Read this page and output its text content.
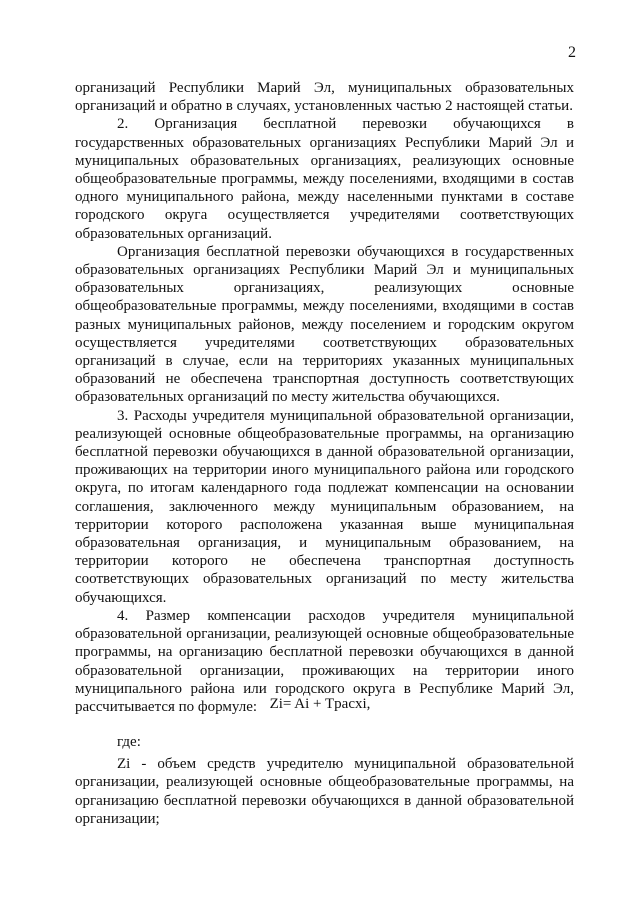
2

организаций Республики Марий Эл, муниципальных образовательных организаций и обратно в случаях, установленных частью 2 настоящей статьи.

2. Организация бесплатной перевозки обучающихся в государственных образовательных организациях Республики Марий Эл и муниципальных образовательных организациях, реализующих основные общеобразовательные программы, между поселениями, входящими в состав одного муниципального района, между населенными пунктами в составе городского округа осуществляется учредителями соответствующих образовательных организаций.

Организация бесплатной перевозки обучающихся в государственных образовательных организациях Республики Марий Эл и муниципальных образовательных организациях, реализующих основные общеобразовательные программы, между поселениями, входящими в состав разных муниципальных районов, между поселением и городским округом осуществляется учредителями соответствующих образовательных организаций в случае, если на территориях указанных муниципальных образований не обеспечена транспортная доступность соответствующих образовательных организаций по месту жительства обучающихся.

3. Расходы учредителя муниципальной образовательной организации, реализующей основные общеобразовательные программы, на организацию бесплатной перевозки обучающихся в данной образовательной организации, проживающих на территории иного муниципального района или городского округа, по итогам календарного года подлежат компенсации на основании соглашения, заключенного между муниципальным образованием, на территории которого расположена указанная выше муниципальная образовательная организация, и муниципальным образованием, на территории которого не обеспечена транспортная доступность соответствующих образовательных организаций по месту жительства обучающихся.

4. Размер компенсации расходов учредителя муниципальной образовательной организации, реализующей основные общеобразовательные программы, на организацию бесплатной перевозки обучающихся в данной образовательной организации, проживающих на территории иного муниципального района или городского округа в Республике Марий Эл, рассчитывается по формуле: Zi= Ai + Tpacxi,

где:

Zi - объем средств учредителю муниципальной образовательной организации, реализующей основные общеобразовательные программы, на организацию бесплатной перевозки обучающихся в данной образовательной организации;
